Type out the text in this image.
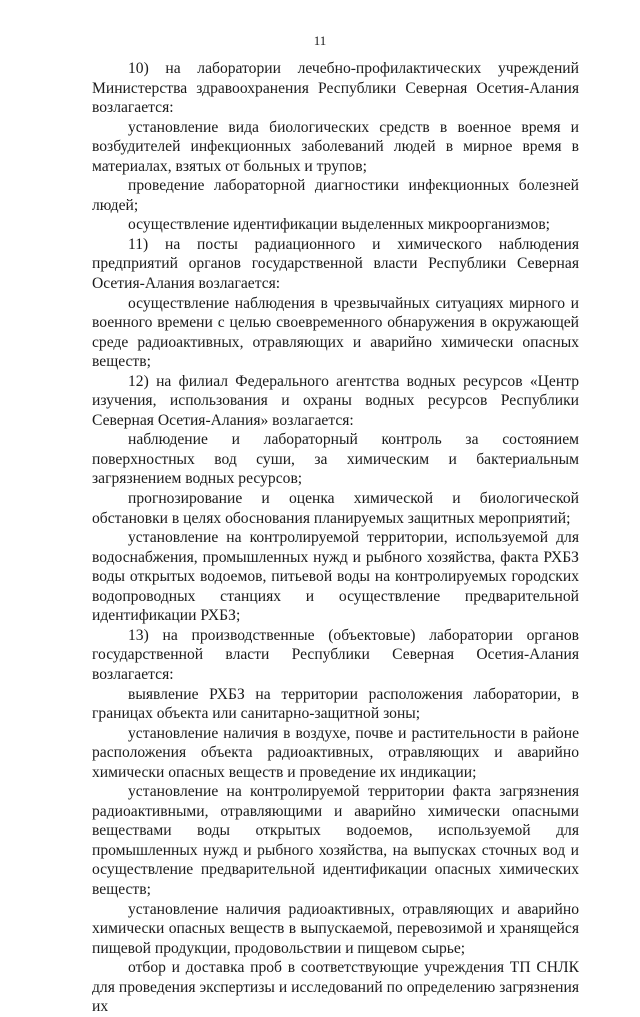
11

10) на лаборатории лечебно-профилактических учреждений Министерства здравоохранения Республики Северная Осетия-Алания возлагается:

установление вида биологических средств в военное время и возбудителей инфекционных заболеваний людей в мирное время в материалах, взятых от больных и трупов;

проведение лабораторной диагностики инфекционных болезней людей;

осуществление идентификации выделенных микроорганизмов;

11) на посты радиационного и химического наблюдения предприятий органов государственной власти Республики Северная Осетия-Алания возлагается:

осуществление наблюдения в чрезвычайных ситуациях мирного и военного времени с целью своевременного обнаружения в окружающей среде радиоактивных, отравляющих и аварийно химически опасных веществ;

12) на филиал Федерального агентства водных ресурсов «Центр изучения, использования и охраны водных ресурсов Республики Северная Осетия-Алания» возлагается:

наблюдение и лабораторный контроль за состоянием поверхностных вод суши, за химическим и бактериальным загрязнением водных ресурсов;

прогнозирование и оценка химической и биологической обстановки в целях обоснования планируемых защитных мероприятий;

установление на контролируемой территории, используемой для водоснабжения, промышленных нужд и рыбного хозяйства, факта РХБЗ воды открытых водоемов, питьевой воды на контролируемых городских водопроводных станциях и осуществление предварительной идентификации РХБЗ;

13) на производственные (объектовые) лаборатории органов государственной власти Республики Северная Осетия-Алания возлагается:

выявление РХБЗ на территории расположения лаборатории, в границах объекта или санитарно-защитной зоны;

установление наличия в воздухе, почве и растительности в районе расположения объекта радиоактивных, отравляющих и аварийно химически опасных веществ и проведение их индикации;

установление на контролируемой территории факта загрязнения радиоактивными, отравляющими и аварийно химически опасными веществами воды открытых водоемов, используемой для промышленных нужд и рыбного хозяйства, на выпусках сточных вод и осуществление предварительной идентификации опасных химических веществ;

установление наличия радиоактивных, отравляющих и аварийно химически опасных веществ в выпускаемой, перевозимой и хранящейся пищевой продукции, продовольствии и пищевом сырье;

отбор и доставка проб в соответствующие учреждения ТП СНЛК для проведения экспертизы и исследований по определению загрязнения их
